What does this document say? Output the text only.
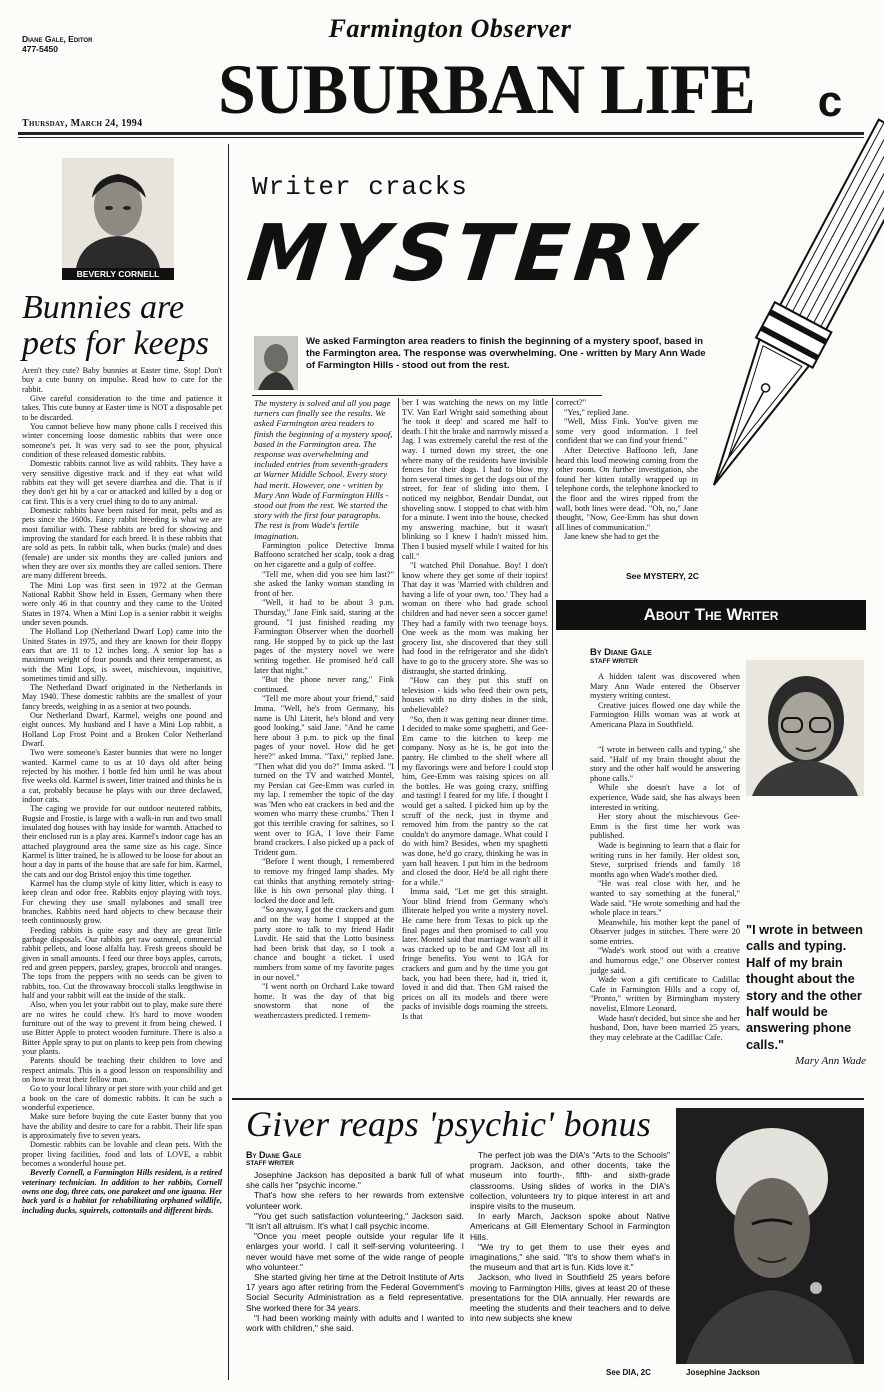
Diane Gale, Editor
477-5450
Farmington Observer
SUBURBAN LIFE	c
Thursday, March 24, 1994
BEVERLY CORNELL
Bunnies are pets for keeps

Aren't they cute? Baby bunnies at Easter time. Stop! Don't buy a cute bunny on impulse. Read how to care for the rabbit.

Give careful consideration to the time and patience it takes. This cute bunny at Easter time is NOT a disposable pet to be discarded.

You cannot believe how many phone calls I received this winter concerning loose domestic rabbits that were once someone's pet. It was very sad to see the poor, physical condition of these released domestic rabbits.

Domestic rabbits cannot live as wild rabbits. They have a very sensitive digestive track and if they eat what wild rabbits eat they will get severe diarrhea and die. That is if they don't get hit by a car or attacked and killed by a dog or cat first. This is a very cruel thing to do to any animal.

Domestic rabbits have been raised for meat, pelts and as pets since the 1600s. Fancy rabbit breeding is what we are most familiar with. These rabbits are bred for showing and improving the standard for each breed. It is these rabbits that are sold as pets. In rabbit talk, when bucks (male) and does (female) are under six months they are called juniors and when they are over six months they are called seniors. There are many different breeds.

The Mini Lop was first seen in 1972 at the German National Rabbit Show held in Essen, Germany when there were only 46 in that country and they came to the United States in 1974. When a Mini Lop is a senior rabbit it weighs under seven pounds.

The Holland Lop (Netherland Dwarf Lop) came into the United States in 1975, and they are known for their floppy ears that are 11 to 12 inches long. A senior lop has a maximum weight of four pounds and their temperament, as with the Mini Lops, is sweet, mischievous, inquisitive, sometimes timid and silly.

The Netherland Dwarf originated in the Netherlands in May 1940. These domestic rabbits are the smallest of your fancy breeds, weighing in as a senior at two pounds.

Our Netherland Dwarf, Karmel, weighs one pound and eight ounces. My husband and I have a Mini Lop rabbit, a Holland Lop Frost Point and a Broken Color Netherland Dwarf.

Two were someone's Easter bunnies that were no longer wanted. Karmel came to us at 10 days old after being rejected by his mother. I bottle fed him until he was about five weeks old. Karmel is sweet, litter trained and thinks he is a cat, probably because he plays with our three declawed, indoor cats.

The caging we provide for our outdoor neutered rabbits, Bugsie and Frostie, is large with a walk-in run and two small insulated dog houses with hay inside for warmth. Attached to their enclosed run is a play area. Karmel's indoor cage has an attached playground area the same size as his cage. Since Karmel is litter trained, he is allowed to be loose for about an hour a day in parts of the house that are safe for him. Karmel, the cats and our dog Bristol enjoy this time together.

Karmel has the clump style of kitty litter, which is easy to keep clean and odor free. Rabbits enjoy playing with toys. For chewing they use small nylabones and small tree branches. Rabbits need hard objects to chew because their teeth continuously grow.

Feeding rabbits is quite easy and they are great little garbage disposals. Our rabbits get raw oatmeal, commercial rabbit pellets, and loose alfalfa hay. Fresh greens should be given in small amounts. I feed our three boys apples, carrots, red and green peppers, parsley, grapes, broccoli and oranges. The tops from the peppers with no seeds can be given to rabbits, too. Cut the throwaway broccoli stalks lengthwise in half and your rabbit will eat the inside of the stalk.

Also, when you let your rabbit out to play, make sure there are no wires he could chew. It's hard to move wooden furniture out of the way to prevent it from being chewed. I use Bitter Apple to protect wooden furniture. There is also a Bitter Apple spray to put on plants to keep pets from chewing your plants.

Parents should be teaching their children to love and respect animals. This is a good lesson on responsibility and on how to treat their fellow man.

Go to your local library or pet store with your child and get a book on the care of domestic rabbits. It can be such a wonderful experience.

Make sure before buying the cute Easter bunny that you have the ability and desire to care for a rabbit. Their life span is approximately five to seven years.

Domestic rabbits can be lovable and clean pets. With the proper living facilities, food and lots of LOVE, a rabbit becomes a wonderful house pet.

Beverly Cornell, a Farmington Hills resident, is a retired veterinary technician. In addition to her rabbits, Cornell owns one dog, three cats, one parakeet and one iguana. Her back yard is a habitat for rehabilitating orphaned wildlife, including ducks, squirrels, cottontails and different birds.

Writer cracks
MYSTERY
We asked Farmington area readers to finish the beginning of a mystery spoof, based in the Farmington area. The response was overwhelming. One - written by Mary Ann Wade of Farmington Hills - stood out from the rest.

The mystery is solved and all you page turners can finally see the results. We asked Farmington area readers to finish the beginning of a mystery spoof, based in the Farmington area. The response was overwhelming and included entries from seventh-graders at Warner Middle School. Every story had merit. However, one - written by Mary Ann Wade of Farmington Hills - stood out from the rest. We started the story with the first four paragraphs. The rest is from Wade's fertile imagination.

Farmington police Detective Imma Baffoono scratched her scalp, took a drag on her cigarette and a gulp of coffee.

"Tell me, when did you see him last?" she asked the lanky woman standing in front of her.

"Well, it had to be about 3 p.m. Thursday," Jane Fink said, staring at the ground. "I just finished reading my Farmington Observer when the doorbell rang. He stopped by to pick up the last pages of the mystery novel we were writing together. He promised he'd call later that night."

"But the phone never rang," Fink continued.

"Tell me more about your friend," said Imma. "Well, he's from Germany, his name is Uhl Literit, he's blond and very good looking," said Jane. "And he came here about 3 p.m. to pick up the final pages of your novel. How did he get here?" asked Imma. "Taxi," replied Jane. "Then what did you do?" Imma asked. "I turned on the TV and watched Montel, my Persian cat Gee-Emm was curled in my lap. I remember the topic of the day was 'Men who eat crackers in bed and the women who marry these crumbs.' Then I got this terrible craving for saltines, so I went over to IGA, I love their Fame brand crackers. I also picked up a pack of Trident gum.

"Before I went though, I remembered to remove my fringed lamp shades. My cat thinks that anything remotely string-like is his own personal play thing. I locked the door and left.

"So anyway, I got the crackers and gum and on the way home I stopped at the party store to talk to my friend Hadit Luvdit. He said that the Lotto business had been brisk that day, so I took a chance and bought a ticket. I used numbers from some of my favorite pages in our novel."

"I went north on Orchard Lake toward home. It was the day of that big snowstorm that none of the weathercasters predicted. I remem-

ber I was watching the news on my little TV. Van Earl Wright said something about 'he took it deep' and scared me half to death. I hit the brake and narrowly missed a Jag. I was extremely careful the rest of the way. I turned down my street, the one where many of the residents have invisible fences for their dogs. I had to blow my horn several times to get the dogs out of the street, for fear of sliding into them. I noticed my neighbor, Bendair Dundat, out shoveling snow. I stopped to chat with him for a minute. I went into the house, checked my answering machine, but it wasn't blinking so I knew I hadn't missed him. Then I busied myself while I waited for his call."

"I watched Phil Donahue. Boy! I don't know where they get some of their topics! That day it was 'Married with children and having a life of your own, too.' They had a woman on there who had grade school children and had never seen a soccer game! They had a family with two teenage boys. One week as the mom was making her grocery list, she discovered that they still had food in the refrigerator and she didn't have to go to the grocery store. She was so distraught, she started drinking.

"How can they put this stuff on television - kids who feed their own pets, houses with no dirty dishes in the sink, unbelievable?

"So, then it was getting near dinner time. I decided to make some spaghetti, and Gee-Em came to the kitchen to keep me company. Nosy as he is, he got into the pantry. He climbed to the shelf where all my flavorings were and before I could stop him, Gee-Emm was raising spices on all the bottles. He was going crazy, sniffing and tasting! I feared for my life. I thought I would get a salted. I picked him up by the scruff of the neck, just in thyme and removed him from the pantry so the cat couldn't do anymore damage. What could I do with him? Besides, when my spaghetti was done, he'd go crazy, thinking he was in yarn ball heaven. I put him in the bedroom and closed the door. He'd be all right there for a while."

Imma said, "Let me get this straight. Your blind friend from Germany who's illiterate helped you write a mystery novel. He came here from Texas to pick up the final pages and then promised to call you later. Montel said that marriage wasn't all it was cracked up to be and GM lost all its fringe benefits. You went to IGA for crackers and gum and by the time you got back, you had been there, had it, tried it, loved it and did that. Then GM raised the prices on all its models and there were packs of invisible dogs roaming the streets. Is that

correct?"

"Yes," replied Jane.

"Well, Miss Fink. You've given me some very good information. I feel confident that we can find your friend."

After Detective Baffoono left, Jane heard this loud meowing coming from the other room. On further investigation, she found her kitten totally wrapped up in telephone cords, the telephone knocked to the floor and the wires ripped from the wall, both lines were dead. "Oh, no," Jane thought, "Now, Gee-Emm has shut down all lines of communication."

Jane knew she had to get the

See MYSTERY, 2C
About The Writer
By Diane Gale
STAFF WRITER

A hidden talent was discovered when Mary Ann Wade entered the Observer mystery writing contest.

Creative juices flowed one day while the Farmington Hills woman was at work at Americana Plaza in Southfield.

"I wrote in between calls and typing," she said. "Half of my brain thought about the story and the other half would be answering phone calls."

While she doesn't have a lot of experience, Wade said, she has always been interested in writing.

Her story about the mischievous Gee-Emm is the first time her work was published.

Wade is beginning to learn that a flair for writing runs in her family. Her oldest son, Steve, surprised friends and family 18 months ago when Wade's mother died.

"He was real close with her, and he wanted to say something at the funeral," Wade said. "He wrote something and had the whole place in tears."

Meanwhile, his mother kept the panel of Observer judges in stitches. There were 20 some entries.

"Wade's work stood out with a creative and humorous edge," one Observer contest judge said.

Wade won a gift certificate to Cadillac Cafe in Farmington Hills and a copy of, "Pronto," written by Birmingham mystery novelist, Elmore Leonard.

Wade hasn't decided, but since she and her husband, Don, have been married 25 years, they may celebrate at the Cadillac Cafe.

"I wrote in between calls and typing. Half of my brain thought about the story and the other half would be answering phone calls."
Mary Ann Wade
Giver reaps 'psychic' bonus
By Diane Gale
STAFF WRITER

Josephine Jackson has deposited a bank full of what she calls her "psychic income."

That's how she refers to her rewards from extensive volunteer work.

"You get such satisfaction volunteering," Jackson said. "It isn't all altruism. It's what I call psychic income.

"Once you meet people outside your regular life it enlarges your world. I call it self-serving volunteering. I never would have met some of the wide range of people who volunteer."

She started giving her time at the Detroit Institute of Arts 17 years ago after retiring from the Federal Government's Social Security Administration as a field representative. She worked there for 34 years.

"I had been working mainly with adults and I wanted to work with children," she said.

The perfect job was the DIA's "Arts to the Schools" program. Jackson, and other docents, take the museum into fourth-, fifth- and sixth-grade classrooms. Using slides of works in the DIA's collection, volunteers try to pique interest in art and inspire visits to the museum.

In early March, Jackson spoke about Native Americans at Gill Elementary School in Farmington Hills.

"We try to get them to use their eyes and imaginations," she said. "It's to show them what's in the museum and that art is fun. Kids love it."

Jackson, who lived in Southfield 25 years before moving to Farmington Hills, gives at least 20 of these presentations for the DIA annually. Her rewards are meeting the students and their teachers and to delve into new subjects she knew

See DIA, 2C	Josephine Jackson
